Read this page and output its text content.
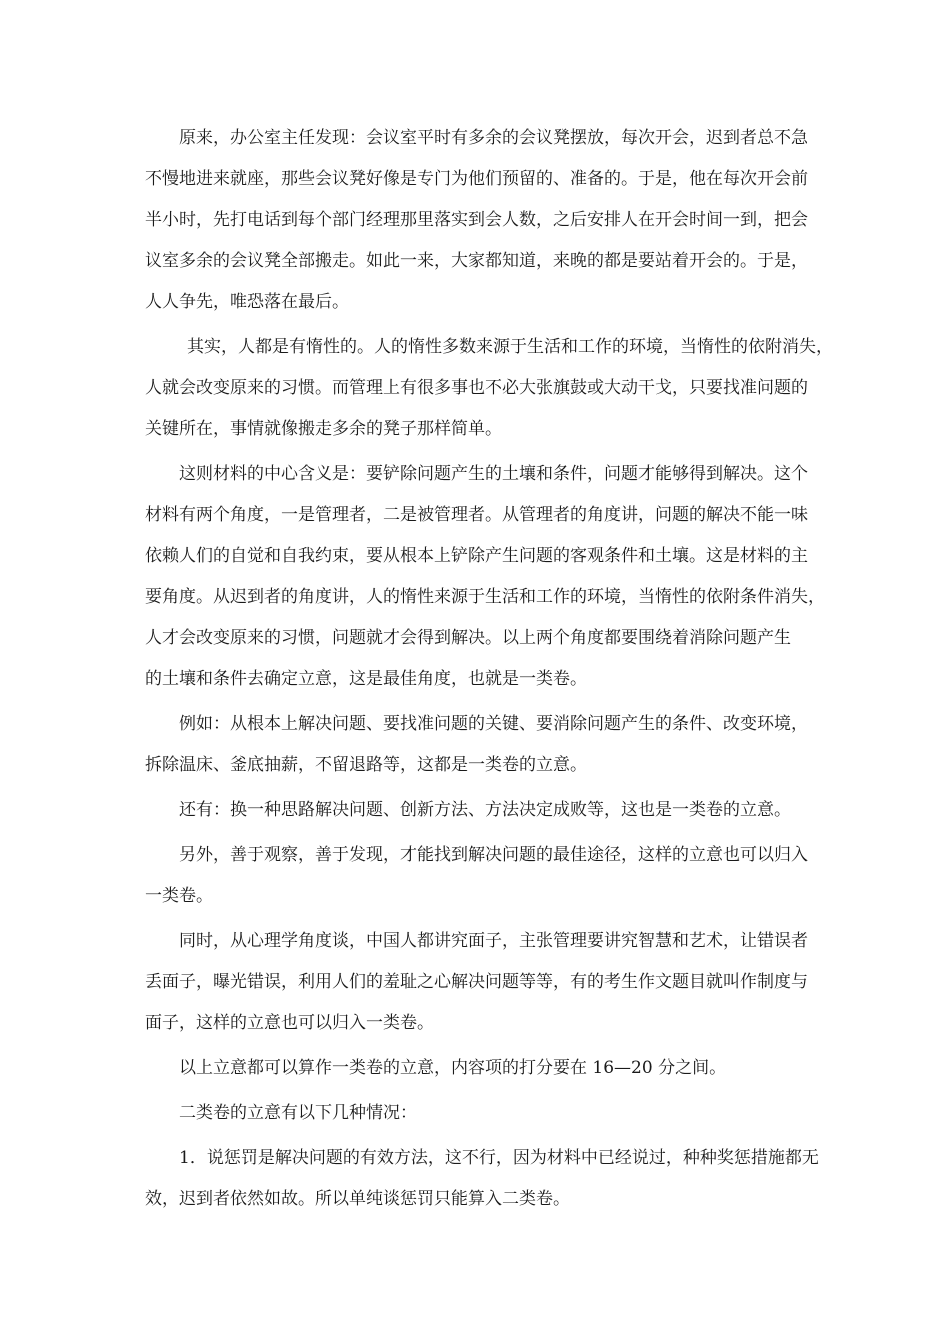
原来，办公室主任发现：会议室平时有多余的会议凳摆放，每次开会，迟到者总不急
不慢地进来就座，那些会议凳好像是专门为他们预留的、准备的。于是，他在每次开会前
半小时，先打电话到每个部门经理那里落实到会人数，之后安排人在开会时间一到，把会
议室多余的会议凳全部搬走。如此一来，大家都知道，来晚的都是要站着开会的。于是，
人人争先，唯恐落在最后。
其实，人都是有惰性的。人的惰性多数来源于生活和工作的环境，当惰性的依附消失，
人就会改变原来的习惯。而管理上有很多事也不必大张旗鼓或大动干戈，只要找准问题的
关键所在，事情就像搬走多余的凳子那样简单。
这则材料的中心含义是：要铲除问题产生的土壤和条件，问题才能够得到解决。这个
材料有两个角度，一是管理者，二是被管理者。从管理者的角度讲，问题的解决不能一味
依赖人们的自觉和自我约束，要从根本上铲除产生问题的客观条件和土壤。这是材料的主
要角度。从迟到者的角度讲，人的惰性来源于生活和工作的环境，当惰性的依附条件消失，
人才会改变原来的习惯，问题就才会得到解决。以上两个角度都要围绕着消除问题产生
的土壤和条件去确定立意，这是最佳角度，也就是一类卷。
例如：从根本上解决问题、要找准问题的关键、要消除问题产生的条件、改变环境，
拆除温床、釜底抽薪，不留退路等，这都是一类卷的立意。
还有：换一种思路解决问题、创新方法、方法决定成败等，这也是一类卷的立意。
另外，善于观察，善于发现，才能找到解决问题的最佳途径，这样的立意也可以归入
一类卷。
同时，从心理学角度谈，中国人都讲究面子，主张管理要讲究智慧和艺术，让错误者
丢面子，曝光错误，利用人们的羞耻之心解决问题等等，有的考生作文题目就叫作制度与
面子，这样的立意也可以归入一类卷。
以上立意都可以算作一类卷的立意，内容项的打分要在 16—20 分之间。
二类卷的立意有以下几种情况：
1．说惩罚是解决问题的有效方法，这不行，因为材料中已经说过，种种奖惩措施都无
效，迟到者依然如故。所以单纯谈惩罚只能算入二类卷。
